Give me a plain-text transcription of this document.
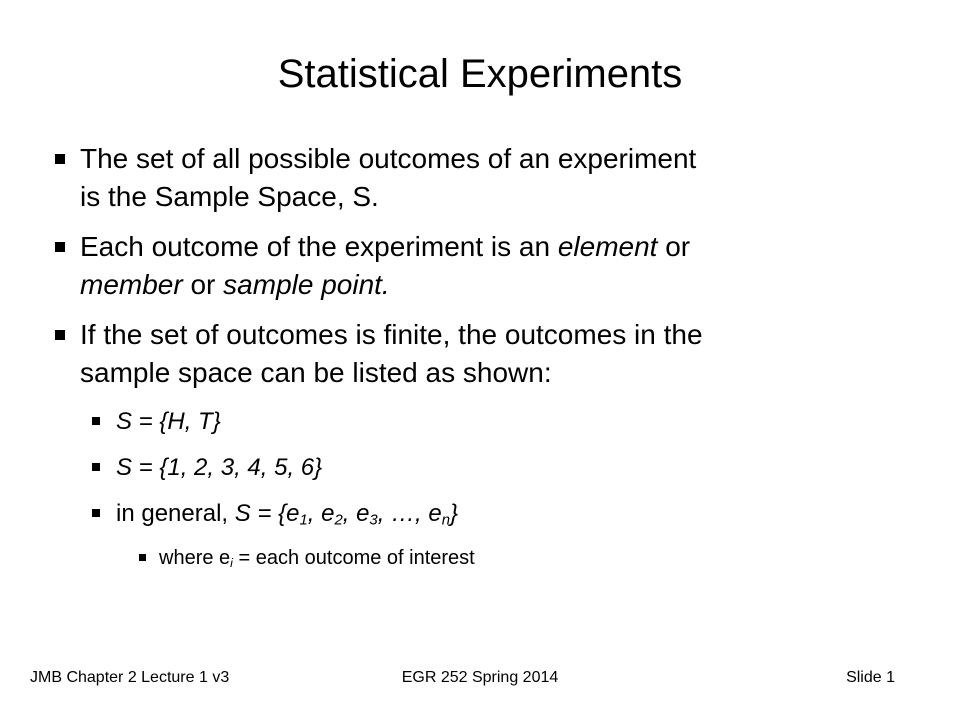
Statistical Experiments
The set of all possible outcomes of an experiment
is the Sample Space, S.
Each outcome of the experiment is an element or
member or sample point.
If the set of outcomes is finite, the outcomes in the
sample space can be listed as shown:
S = {H, T}
S = {1, 2, 3, 4, 5, 6}
in general, $S = \{e_1$, $e_2$, $e_3$, …, $e_n$}
where $e_i$ = each outcome of interest
JMB Chapter 2 Lecture 1 v3	EGR 252 Spring 2014	Slide 1
